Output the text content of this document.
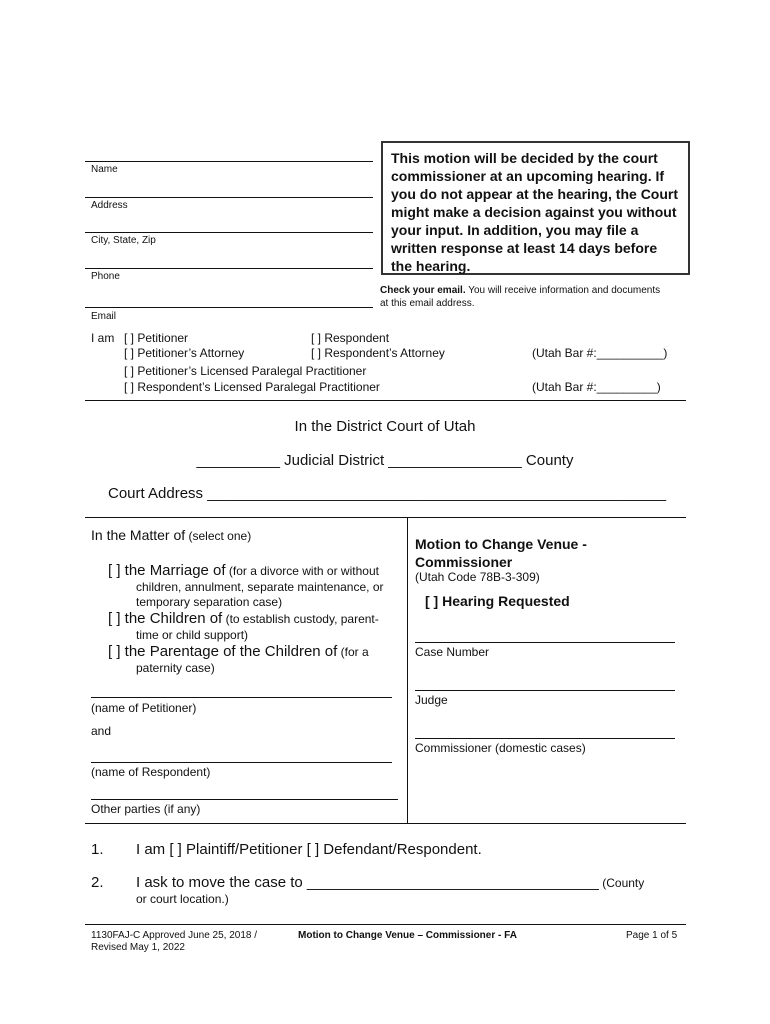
Name
Address
City, State, Zip
Phone
Email
This motion will be decided by the court commissioner at an upcoming hearing. If you do not appear at the hearing, the Court might make a decision against you without your input. In addition, you may file a written response at least 14 days before the hearing.
Check your email. You will receive information and documents at this email address.
I am [ ] Petitioner	[ ] Respondent
[ ] Petitioner’s Attorney	[ ] Respondent’s Attorney	(Utah Bar #:__________)
[ ] Petitioner’s Licensed Paralegal Practitioner
[ ] Respondent’s Licensed Paralegal Practitioner	(Utah Bar #:_________)
In the District Court of Utah
__________ Judicial District ________________ County
Court Address _______________________________________________________
In the Matter of (select one)
[ ] the Marriage of (for a divorce with or without
children, annulment, separate maintenance, or
temporary separation case)
[ ] the Children of (to establish custody, parent-
time or child support)
[ ] the Parentage of the Children of (for a
paternity case)
(name of Petitioner)
and
(name of Respondent)
Other parties (if any)
Motion to Change Venue -
Commissioner
(Utah Code 78B-3-309)
[ ] Hearing Requested
Case Number
Judge
Commissioner (domestic cases)
1. I am [ ] Plaintiff/Petitioner [ ] Defendant/Respondent.
2. I ask to move the case to ___________________________________ (County
or court location.)
1130FAJ-C Approved June 25, 2018 /
Revised May 1, 2022
Motion to Change Venue – Commissioner - FA	Page 1 of 5
